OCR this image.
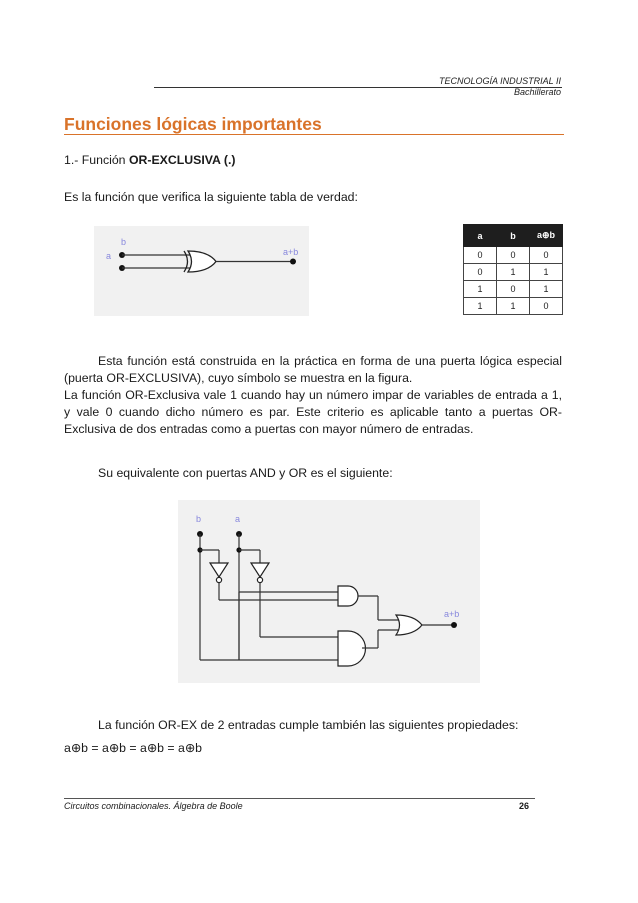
TECNOLOGÍA INDUSTRIAL II
Bachillerato
Funciones lógicas importantes
1.- Función OR-EXCLUSIVA (.)
Es la función que verifica la siguiente tabla de verdad:
b
a	a+b
a	b	a⊕b
0	0	0
0	1	1
1	0	1
1	1	0
Esta función está construida en la práctica en forma de una puerta lógica especial (puerta OR-EXCLUSIVA), cuyo símbolo se muestra en la figura.
La función OR-Exclusiva vale 1 cuando hay un número impar de variables de entrada a 1, y vale 0 cuando dicho número es par. Este criterio es aplicable tanto a puertas OR-Exclusiva de dos entradas como a puertas con mayor número de entradas.
Su equivalente con puertas AND y OR es el siguiente:
b	a
a+b
La función OR-EX de 2 entradas cumple también las siguientes propiedades:
a⊕b = a⊕b = a⊕b = a⊕b
Circuitos combinacionales. Álgebra de Boole	26
